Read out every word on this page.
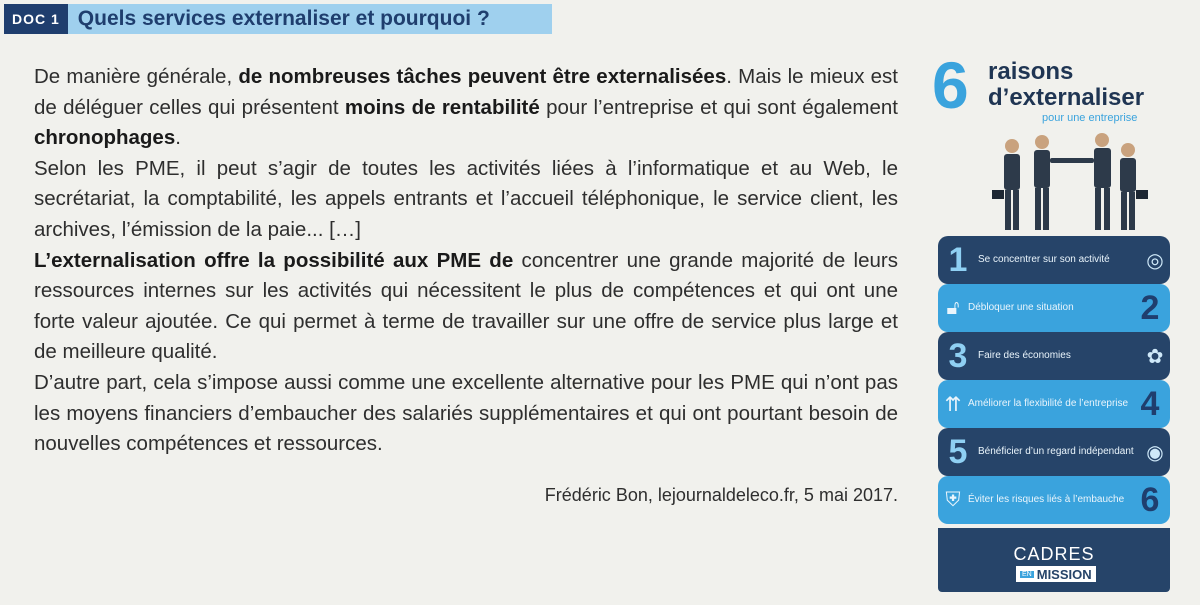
DOC 1 Quels services externaliser et pourquoi ?

De manière générale, de nombreuses tâches peuvent être externalisées. Mais le mieux est de déléguer celles qui présentent moins de rentabilité pour l’entreprise et qui sont également chronophages.

Selon les PME, il peut s’agir de toutes les activités liées à l’informatique et au Web, le secrétariat, la comptabilité, les appels entrants et l’accueil téléphonique, le service client, les archives, l’émission de la paie... […]

L’externalisation offre la possibilité aux PME de concentrer une grande majorité de leurs ressources internes sur les activités qui nécessitent le plus de compétences et qui ont une forte valeur ajoutée. Ce qui permet à terme de travailler sur une offre de service plus large et de meilleure qualité.

D’autre part, cela s’impose aussi comme une excellente alternative pour les PME qui n’ont pas les moyens financiers d’embaucher des salariés supplémentaires et qui ont pourtant besoin de nouvelles compétences et ressources.

Frédéric Bon, lejournaldeleco.fr, 5 mai 2017.
6 raisons
d’externaliser
pour une entreprise
1	Se concentrer sur son activité	◎
🔓︎ Débloquer une situation	2
3	Faire des économies	✿
⇈ Améliorer la flexibilité de l’entreprise 4
5	Bénéficier d’un regard indépendant ◉
⛨ Éviter les risques liés à l’embauche 6
CADRES
EN MISSION
